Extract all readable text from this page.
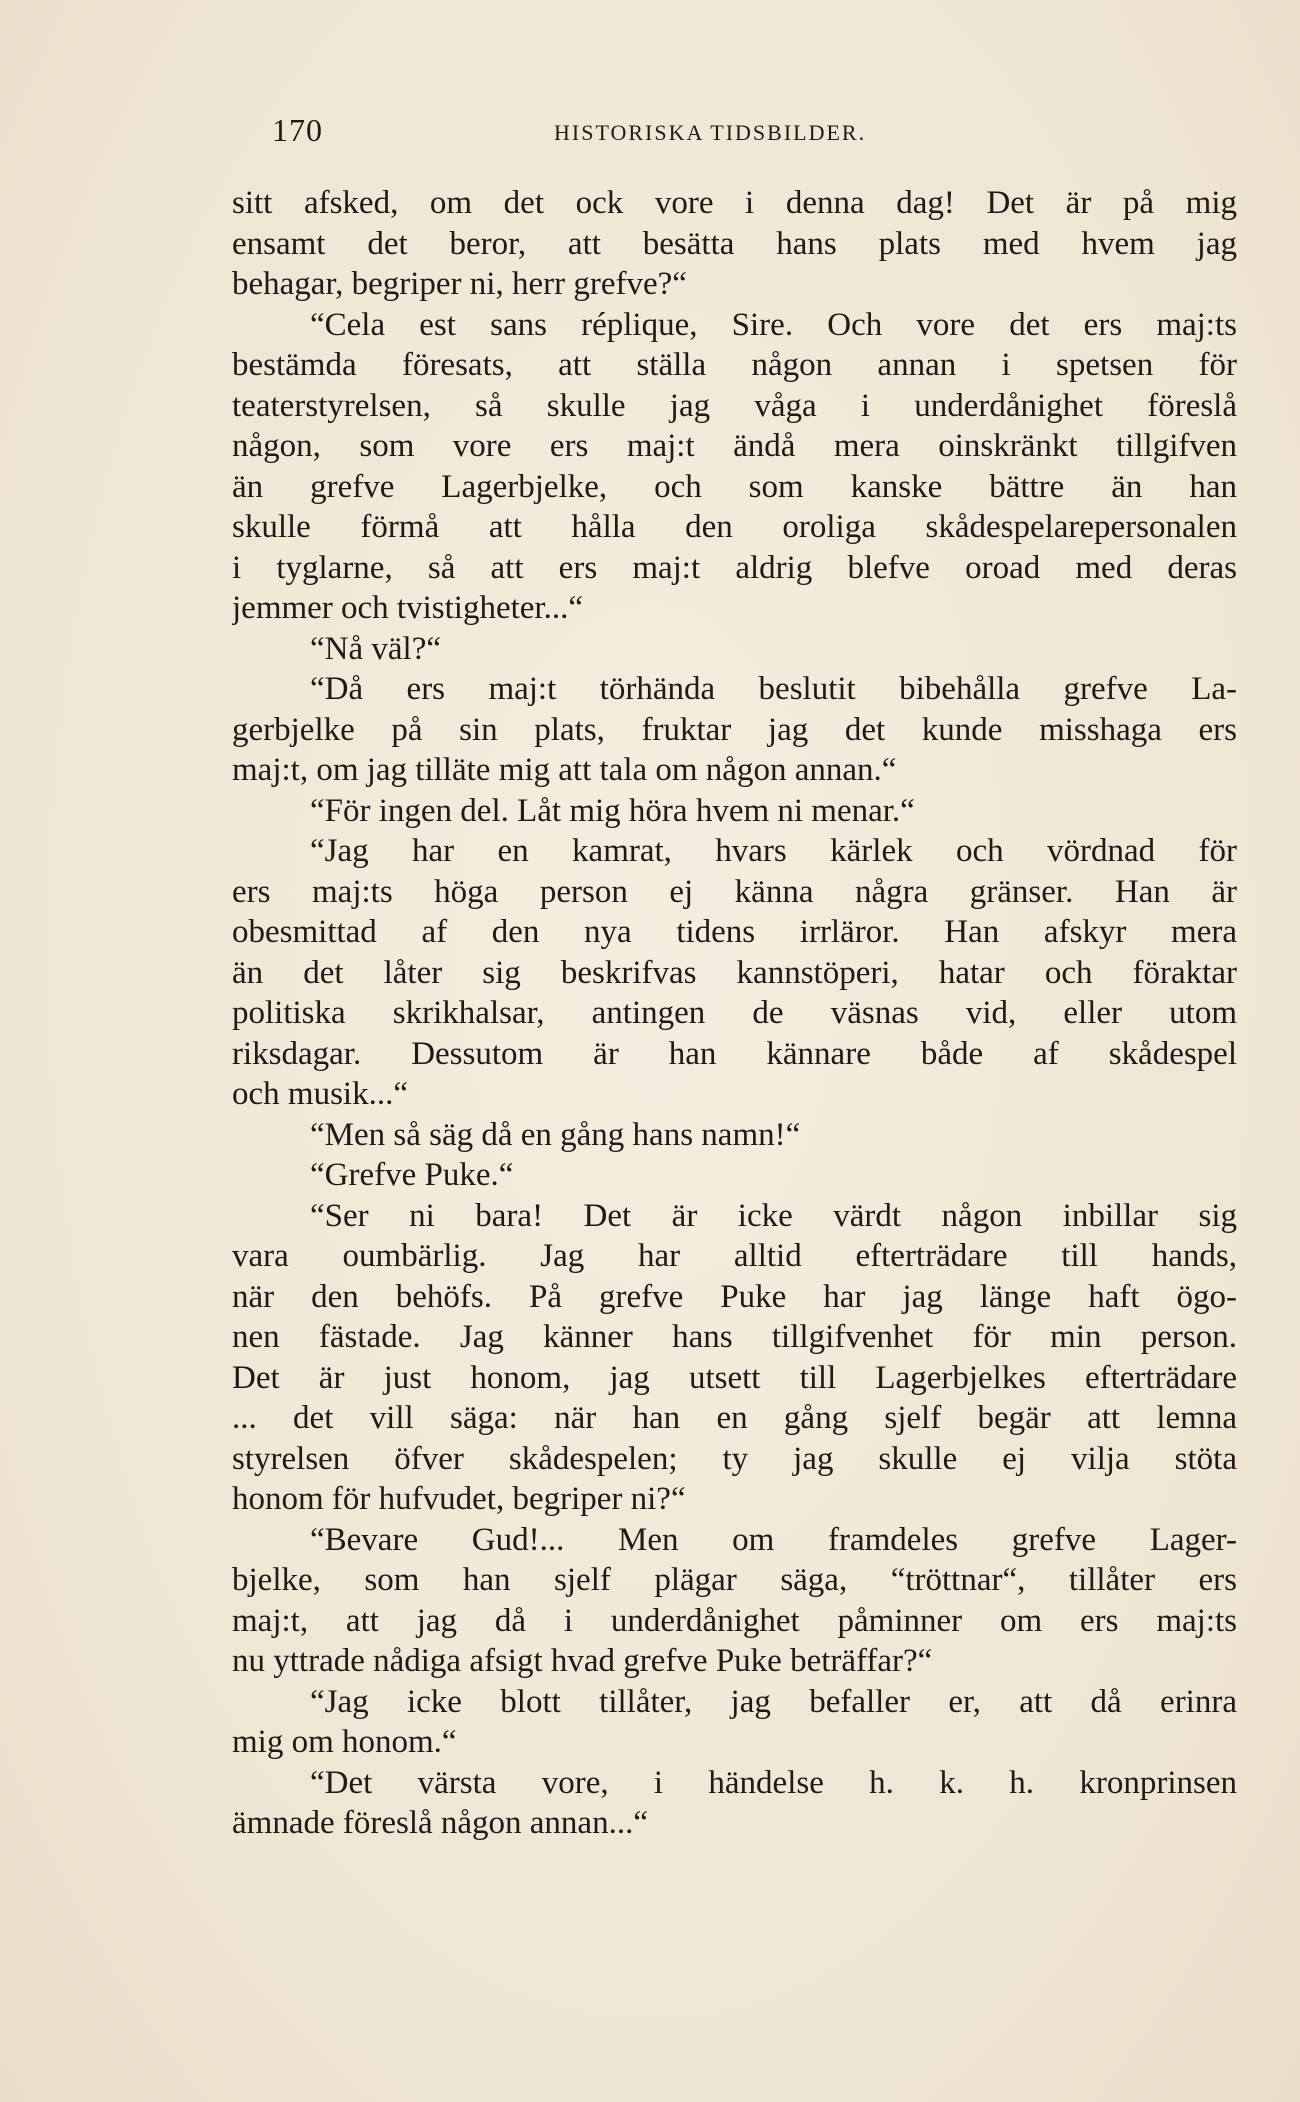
170	HISTORISKA TIDSBILDER.
sitt afsked, om det ock vore i denna dag! Det är på mig
ensamt det beror, att besätta hans plats med hvem jag
behagar, begriper ni, herr grefve?“
“Cela est sans réplique, Sire. Och vore det ers maj:ts
bestämda föresats, att ställa någon annan i spetsen för
teaterstyrelsen, så skulle jag våga i underdånighet föreslå
någon, som vore ers maj:t ändå mera oinskränkt tillgifven
än grefve Lagerbjelke, och som kanske bättre än han
skulle förmå att hålla den oroliga skådespelarepersonalen
i tyglarne, så att ers maj:t aldrig blefve oroad med deras
jemmer och tvistigheter...“
“Nå väl?“
“Då ers maj:t törhända beslutit bibehålla grefve La-
gerbjelke på sin plats, fruktar jag det kunde misshaga ers
maj:t, om jag tilläte mig att tala om någon annan.“
“För ingen del. Låt mig höra hvem ni menar.“
“Jag har en kamrat, hvars kärlek och vördnad för
ers maj:ts höga person ej känna några gränser. Han är
obesmittad af den nya tidens irrläror. Han afskyr mera
än det låter sig beskrifvas kannstöperi, hatar och föraktar
politiska skrikhalsar, antingen de väsnas vid, eller utom
riksdagar. Dessutom är han kännare både af skådespel
och musik...“
“Men så säg då en gång hans namn!“
“Grefve Puke.“
“Ser ni bara! Det är icke värdt någon inbillar sig
vara oumbärlig. Jag har alltid efterträdare till hands,
när den behöfs. På grefve Puke har jag länge haft ögo-
nen fästade. Jag känner hans tillgifvenhet för min person.
Det är just honom, jag utsett till Lagerbjelkes efterträdare
... det vill säga: när han en gång sjelf begär att lemna
styrelsen öfver skådespelen; ty jag skulle ej vilja stöta
honom för hufvudet, begriper ni?“
“Bevare Gud!... Men om framdeles grefve Lager-
bjelke, som han sjelf plägar säga, “tröttnar“, tillåter ers
maj:t, att jag då i underdånighet påminner om ers maj:ts
nu yttrade nådiga afsigt hvad grefve Puke beträffar?“
“Jag icke blott tillåter, jag befaller er, att då erinra
mig om honom.“
“Det värsta vore, i händelse h. k. h. kronprinsen
ämnade föreslå någon annan...“
